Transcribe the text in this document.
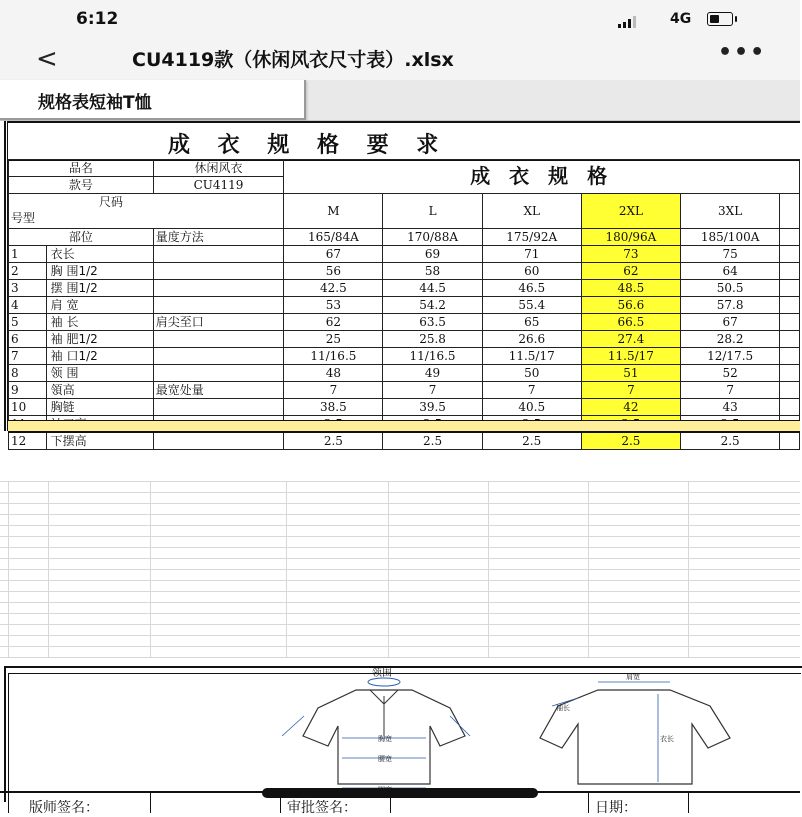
6:12	4G
<	CU4119款（休闲风衣尺寸表）.xlsx	•••
规格表短袖T恤
成 衣 规 格 要 求
品名		休闲风衣	成 衣 规 格					
款号		CU4119						

尺码
号型			M	L	XL	2XL	3XL	
部位		量度方法	165/84A	170/88A	175/92A	180/96A	185/100A	
1	衣长		67	69	71	73	75	
2	胸 围1/2		56	58	60	62	64	
3	摆 围1/2		42.5	44.5	46.5	48.5	50.5	
4	肩 宽		53	54.2	55.4	56.6	57.8	
5	袖 长	肩尖至口	62	63.5	65	66.5	67	
6	袖 肥1/2		25	25.8	26.6	27.4	28.2	
7	袖 口1/2		11/16.5	11/16.5	11.5/17	11.5/17	12/17.5	
8	领 围		48	49	50	51	52	
9	領高	最宽处量	7	7	7	7	7	
10	胸链		38.5	39.5	40.5	42	43	

12	下摆高		2.5	2.5	2.5	2.5	2.5	
领围
胸宽
腰宽
肩宽
衣长
袖长
版师签名：	审批签名：	日期：
